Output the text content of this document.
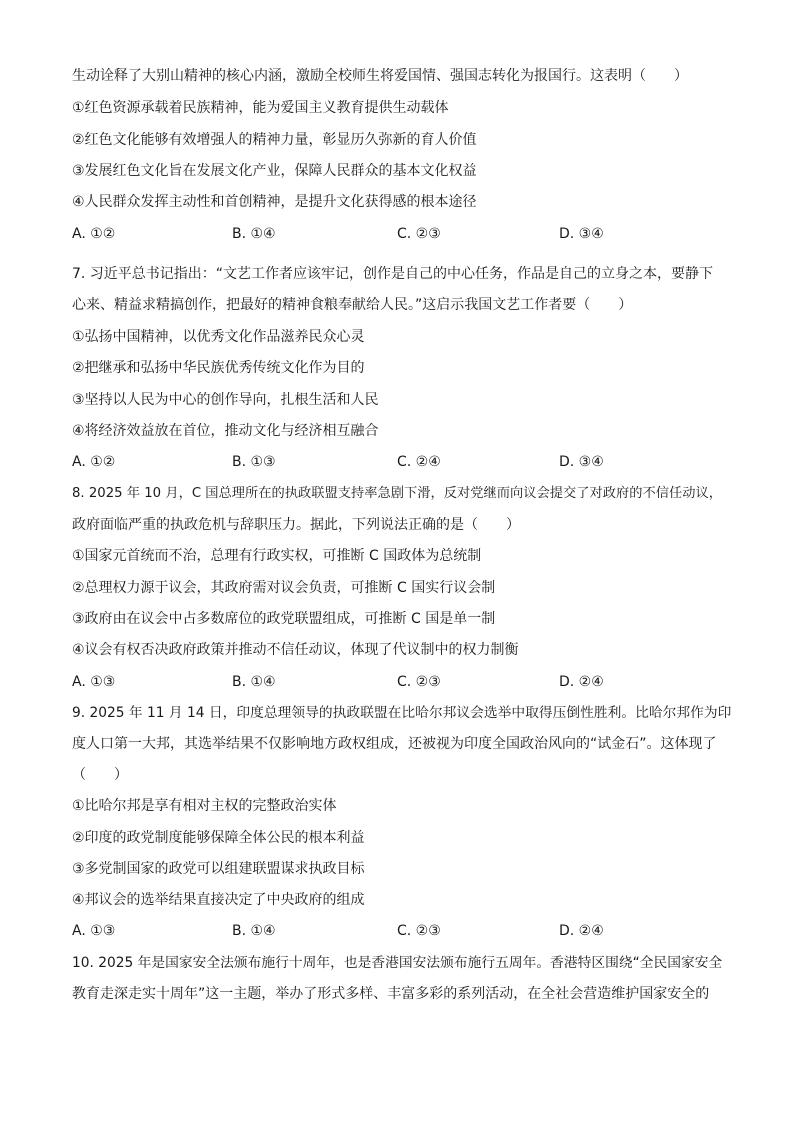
生动诠释了大别山精神的核心内涵，激励全校师生将爱国情、强国志转化为报国行。这表明（　　）
①红色资源承载着民族精神，能为爱国主义教育提供生动载体
②红色文化能够有效增强人的精神力量，彰显历久弥新的育人价值
③发展红色文化旨在发展文化产业，保障人民群众的基本文化权益
④人民群众发挥主动性和首创精神，是提升文化获得感的根本途径
A. ①②	B. ①④	C. ②③	D. ③④
7. 习近平总书记指出：“文艺工作者应该牢记，创作是自己的中心任务，作品是自己的立身之本，要静下
心来、精益求精搞创作，把最好的精神食粮奉献给人民。”这启示我国文艺工作者要（　　）
①弘扬中国精神，以优秀文化作品滋养民众心灵
②把继承和弘扬中华民族优秀传统文化作为目的
③坚持以人民为中心的创作导向，扎根生活和人民
④将经济效益放在首位，推动文化与经济相互融合
A. ①②	B. ①③	C. ②④	D. ③④
8. 2025 年 10 月，C 国总理所在的执政联盟支持率急剧下滑，反对党继而向议会提交了对政府的不信任动议，
政府面临严重的执政危机与辞职压力。据此，下列说法正确的是（　　）
①国家元首统而不治，总理有行政实权，可推断 C 国政体为总统制
②总理权力源于议会，其政府需对议会负责，可推断 C 国实行议会制
③政府由在议会中占多数席位的政党联盟组成，可推断 C 国是单一制
④议会有权否决政府政策并推动不信任动议，体现了代议制中的权力制衡
A. ①③	B. ①④	C. ②③	D. ②④
9. 2025 年 11 月 14 日，印度总理领导的执政联盟在比哈尔邦议会选举中取得压倒性胜利。比哈尔邦作为印
度人口第一大邦，其选举结果不仅影响地方政权组成，还被视为印度全国政治风向的“试金石”。这体现了
（　　）
①比哈尔邦是享有相对主权的完整政治实体
②印度的政党制度能够保障全体公民的根本利益
③多党制国家的政党可以组建联盟谋求执政目标
④邦议会的选举结果直接决定了中央政府的组成
A. ①③	B. ①④	C. ②③	D. ②④
10. 2025 年是国家安全法颁布施行十周年，也是香港国安法颁布施行五周年。香港特区围绕“全民国家安全
教育走深走实十周年”这一主题，举办了形式多样、丰富多彩的系列活动，在全社会营造维护国家安全的
